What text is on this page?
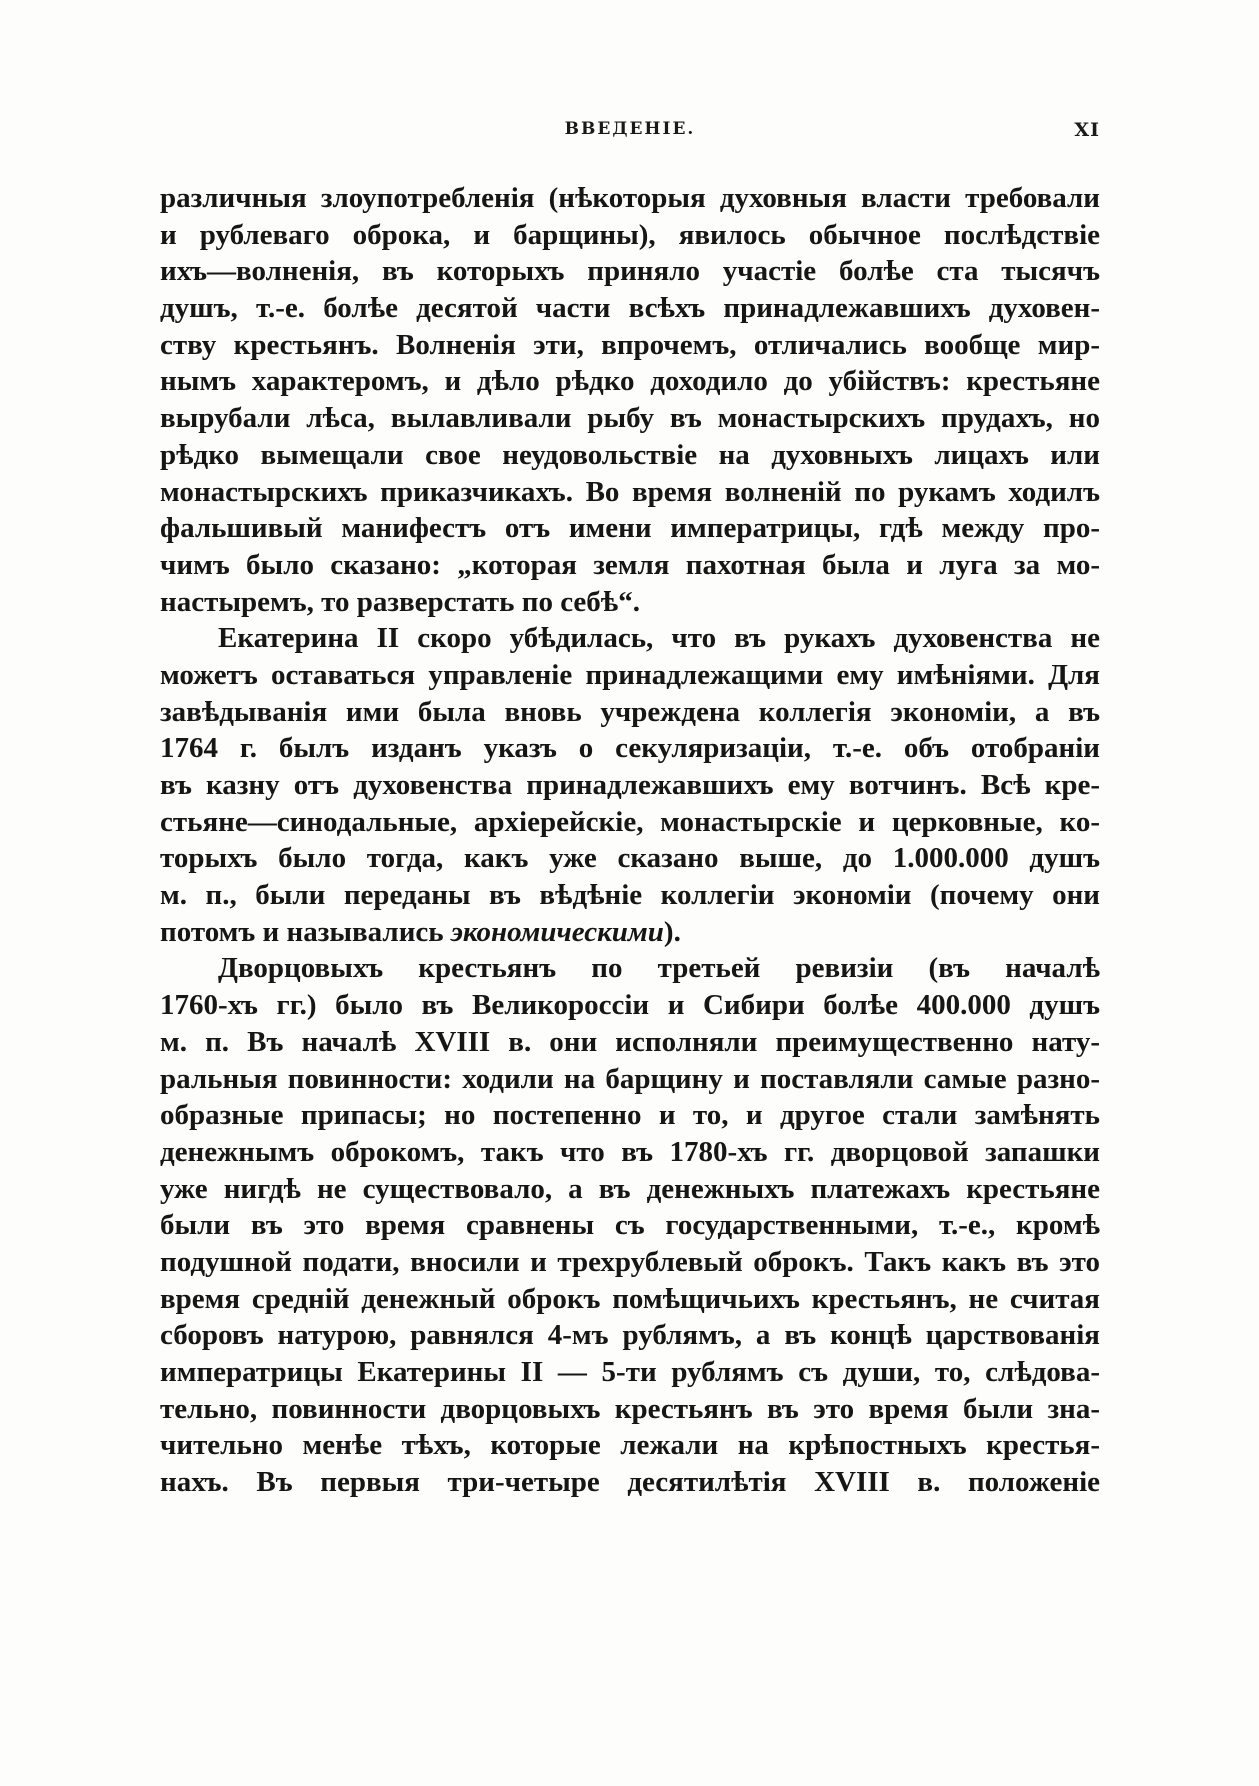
ВВЕДЕНІЕ.	XI
различныя злоупотребленія (нѣкоторыя духовныя власти требовали
и рублеваго оброка, и барщины), явилось обычное послѣдствіе
ихъ—волненія, въ которыхъ приняло участіе болѣе ста тысячъ
душъ, т.-е. болѣе десятой части всѣхъ принадлежавшихъ духовен-
ству крестьянъ. Волненія эти, впрочемъ, отличались вообще мир-
нымъ характеромъ, и дѣло рѣдко доходило до убійствъ: крестьяне
вырубали лѣса, вылавливали рыбу въ монастырскихъ прудахъ, но
рѣдко вымещали свое неудовольствіе на духовныхъ лицахъ или
монастырскихъ приказчикахъ. Во время волненій по рукамъ ходилъ
фальшивый манифестъ отъ имени императрицы, гдѣ между про-
чимъ было сказано: „которая земля пахотная была и луга за мо-
настыремъ, то разверстать по себѣ“.
Екатерина II скоро убѣдилась, что въ рукахъ духовенства не
можетъ оставаться управленіе принадлежащими ему имѣніями. Для
завѣдыванія ими была вновь учреждена коллегія экономіи, а въ
1764 г. былъ изданъ указъ о секуляризаціи, т.-е. объ отобраніи
въ казну отъ духовенства принадлежавшихъ ему вотчинъ. Всѣ кре-
стьяне—синодальные, архіерейскіе, монастырскіе и церковные, ко-
торыхъ было тогда, какъ уже сказано выше, до 1.000.000 душъ
м. п., были переданы въ вѣдѣніе коллегіи экономіи (почему они
потомъ и назывались экономическими).
Дворцовыхъ крестьянъ по третьей ревизіи (въ началѣ
1760-хъ гг.) было въ Великороссіи и Сибири болѣе 400.000 душъ
м. п. Въ началѣ XVIII в. они исполняли преимущественно нату-
ральныя повинности: ходили на барщину и поставляли самые разно-
образные припасы; но постепенно и то, и другое стали замѣнять
денежнымъ оброкомъ, такъ что въ 1780-хъ гг. дворцовой запашки
уже нигдѣ не существовало, а въ денежныхъ платежахъ крестьяне
были въ это время сравнены съ государственными, т.-е., кромѣ
подушной подати, вносили и трехрублевый оброкъ. Такъ какъ въ это
время среднiй денежный оброкъ помѣщичьихъ крестьянъ, не считая
сборовъ натурою, равнялся 4-мъ рублямъ, а въ концѣ царствованія
императрицы Екатерины II — 5-ти рублямъ съ души, то, слѣдова-
тельно, повинности дворцовыхъ крестьянъ въ это время были зна-
чительно менѣе тѣхъ, которые лежали на крѣпостныхъ крестья-
нахъ. Въ первыя три-четыре десятилѣтія XVIII в. положеніе
